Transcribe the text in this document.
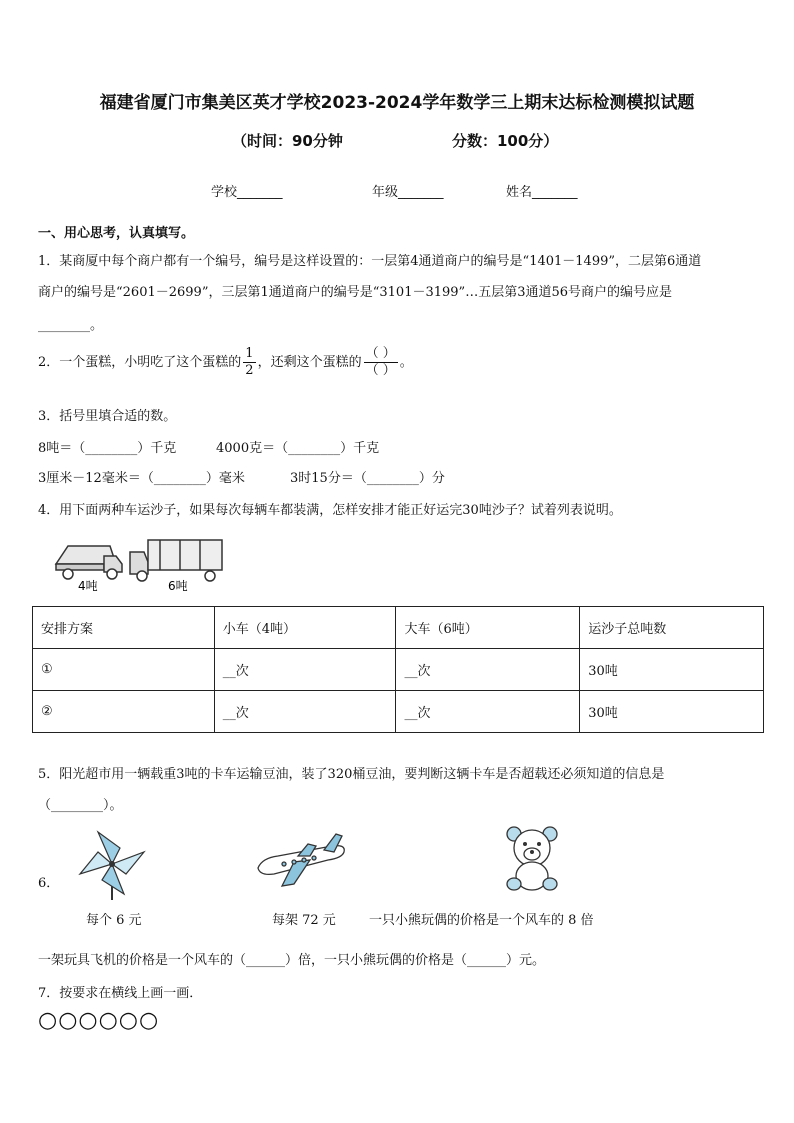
福建省厦门市集美区英才学校2023-2024学年数学三上期末达标检测模拟试题
（时间：90分钟	分数：100分）
学校_______	年级_______	姓名_______
一、用心思考，认真填写。
1．某商厦中每个商户都有一个编号，编号是这样设置的：一层第4通道商户的编号是“1401－1499”，二层第6通道
商户的编号是“2601－2699”，三层第1通道商户的编号是“3101－3199”…五层第3通道56号商户的编号应是
________。
2．一个蛋糕，小明吃了这个蛋糕的 $\frac{1}{2}$ ，还剩这个蛋糕的 $\frac{( )}{( )}$ 。
3．括号里填合适的数。
8吨＝（________）千克	4000克＝（________）千克
3厘米－12毫米＝（________）毫米	3时15分＝（________）分
4．用下面两种车运沙子，如果每次每辆车都装满，怎样安排才能正好运完30吨沙子？试着列表说明。
4吨	6吨
安排方案	小车（4吨）	大车（6吨）	运沙子总吨数
①	__次	__次	30吨
②	__次	__次	30吨
5．阳光超市用一辆载重3吨的卡车运输豆油，装了320桶豆油，要判断这辆卡车是否超载还必须知道的信息是
（________）。
6．
每个 6 元	每架 72 元	一只小熊玩偶的价格是一个风车的 8 倍
一架玩具飞机的价格是一个风车的（______）倍，一只小熊玩偶的价格是（______）元。
7．按要求在横线上画一画．
○○○○○○
